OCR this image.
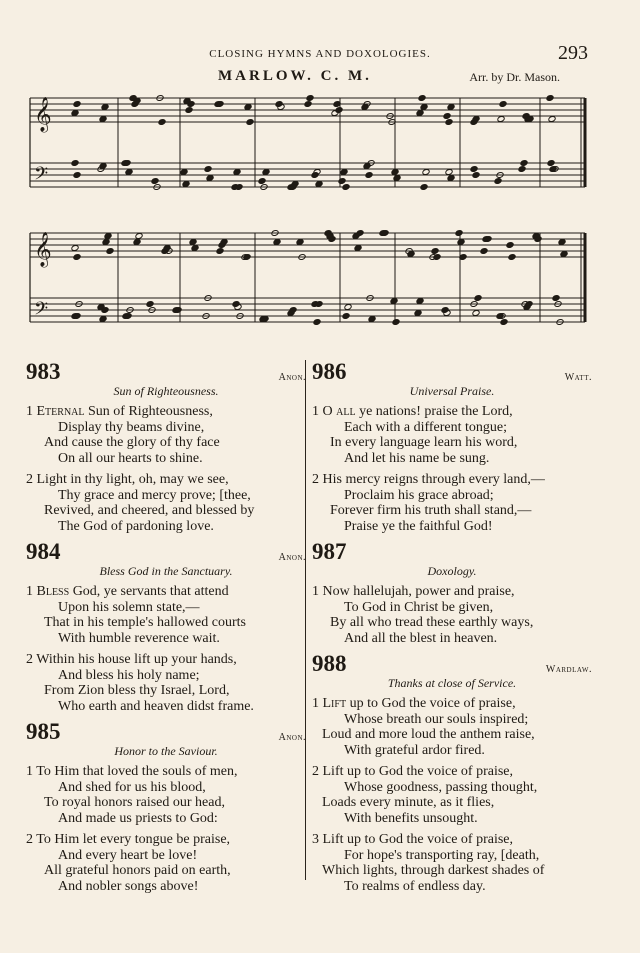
CLOSING HYMNS AND DOXOLOGIES.	293
MARLOW. C. M.	Arr. by Dr. Mason.
𝄞
𝄢
𝄞
𝄢
983	Anon.
Sun of Righteousness.
1 Eternal Sun of Righteousness,
Display thy beams divine,
And cause the glory of thy face
On all our hearts to shine.
2 Light in thy light, oh, may we see,
Thy grace and mercy prove; [thee,
Revived, and cheered, and blessed by
The God of pardoning love.
984	Anon.
Bless God in the Sanctuary.
1 Bless God, ye servants that attend
Upon his solemn state,—
That in his temple's hallowed courts
With humble reverence wait.
2 Within his house lift up your hands,
And bless his holy name;
From Zion bless thy Israel, Lord,
Who earth and heaven didst frame.
985	Anon.
Honor to the Saviour.
1 To Him that loved the souls of men,
And shed for us his blood,
To royal honors raised our head,
And made us priests to God:
2 To Him let every tongue be praise,
And every heart be love!
All grateful honors paid on earth,
And nobler songs above!
986	Watt.
Universal Praise.
1 O all ye nations! praise the Lord,
Each with a different tongue;
In every language learn his word,
And let his name be sung.
2 His mercy reigns through every land,—
Proclaim his grace abroad;
Forever firm his truth shall stand,—
Praise ye the faithful God!
987
Doxology.
1 Now hallelujah, power and praise,
To God in Christ be given,
By all who tread these earthly ways,
And all the blest in heaven.
988	Wardlaw.
Thanks at close of Service.
1 Lift up to God the voice of praise,
Whose breath our souls inspired;
Loud and more loud the anthem raise,
With grateful ardor fired.
2 Lift up to God the voice of praise,
Whose goodness, passing thought,
Loads every minute, as it flies,
With benefits unsought.
3 Lift up to God the voice of praise,
For hope's transporting ray, [death,
Which lights, through darkest shades of
To realms of endless day.
